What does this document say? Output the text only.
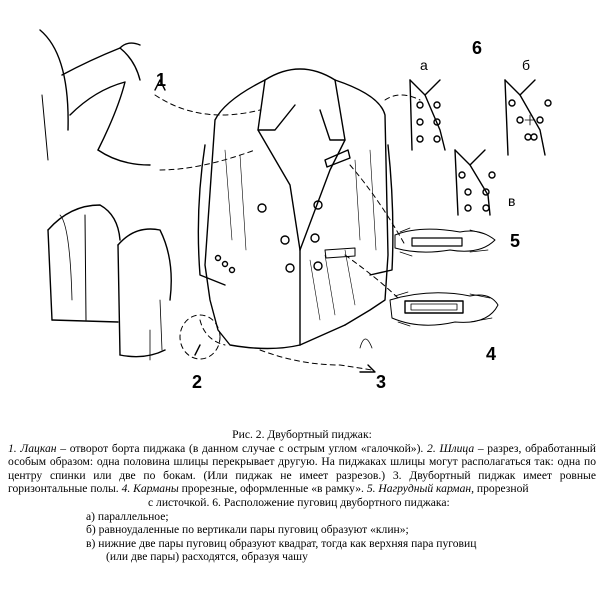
1
2	3
4
5
6
а	б
в
Рис. 2. Двубортный пиджак:

1. Лацкан – отворот борта пиджака (в данном случае с острым углом «галочкой»). 2. Шлица – разрез, обработанный особым образом: одна половина шлицы перекрывает другую. На пиджаках шлицы могут располагаться так: одна по центру спинки или две по бокам. (Или пиджак не имеет разрезов.) 3. Двубортный пиджак имеет ровные горизонтальные полы. 4. Карманы прорезные, оформленные «в рамку». 5. Нагрудный карман, прорезной

с листочкой. 6. Расположение пуговиц двубортного пиджака:

а) параллельное;
б) равноудаленные по вертикали пары пуговиц образуют «клин»;
в) нижние две пары пуговиц образуют квадрат, тогда как верхняя пара пуговиц
(или две пары) расходятся, образуя чашу
